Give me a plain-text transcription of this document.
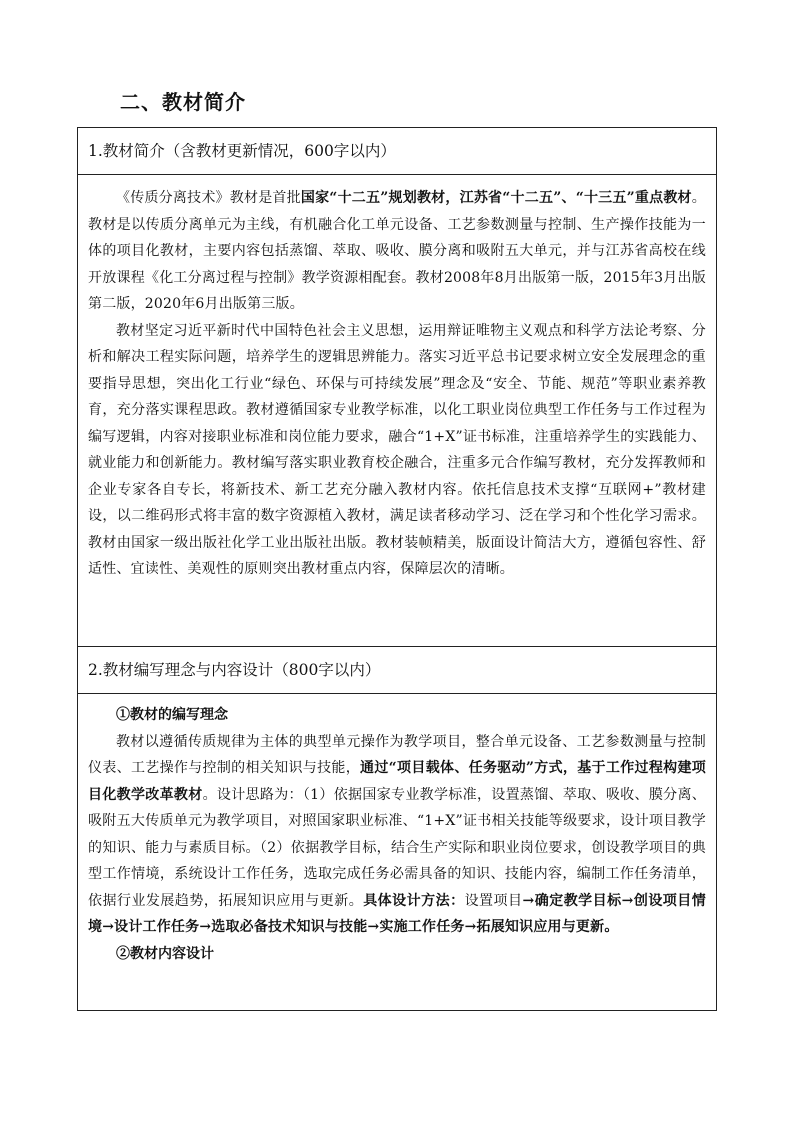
二、教材简介
1.教材简介（含教材更新情况，600字以内）

《传质分离技术》教材是首批国家“十二五”规划教材，江苏省“十二五”、“十三五”重点教材。教材是以传质分离单元为主线，有机融合化工单元设备、工艺参数测量与控制、生产操作技能为一体的项目化教材，主要内容包括蒸馏、萃取、吸收、膜分离和吸附五大单元，并与江苏省高校在线开放课程《化工分离过程与控制》教学资源相配套。教材2008年8月出版第一版，2015年3月出版第二版，2020年6月出版第三版。

教材坚定习近平新时代中国特色社会主义思想，运用辩证唯物主义观点和科学方法论考察、分析和解决工程实际问题，培养学生的逻辑思辨能力。落实习近平总书记要求树立安全发展理念的重要指导思想，突出化工行业“绿色、环保与可持续发展”理念及“安全、节能、规范”等职业素养教育，充分落实课程思政。教材遵循国家专业教学标准，以化工职业岗位典型工作任务与工作过程为编写逻辑，内容对接职业标准和岗位能力要求，融合“1+X”证书标准，注重培养学生的实践能力、就业能力和创新能力。教材编写落实职业教育校企融合，注重多元合作编写教材，充分发挥教师和企业专家各自专长，将新技术、新工艺充分融入教材内容。依托信息技术支撑“互联网+”教材建设，以二维码形式将丰富的数字资源植入教材，满足读者移动学习、泛在学习和个性化学习需求。教材由国家一级出版社化学工业出版社出版。教材装帧精美，版面设计简洁大方，遵循包容性、舒适性、宜读性、美观性的原则突出教材重点内容，保障层次的清晰。

2.教材编写理念与内容设计（800字以内）

①教材的编写理念

教材以遵循传质规律为主体的典型单元操作为教学项目，整合单元设备、工艺参数测量与控制仪表、工艺操作与控制的相关知识与技能，通过“项目载体、任务驱动”方式，基于工作过程构建项目化教学改革教材。设计思路为：（1）依据国家专业教学标准，设置蒸馏、萃取、吸收、膜分离、吸附五大传质单元为教学项目，对照国家职业标准、“1+X”证书相关技能等级要求，设计项目教学的知识、能力与素质目标。（2）依据教学目标，结合生产实际和职业岗位要求，创设教学项目的典型工作情境，系统设计工作任务，选取完成任务必需具备的知识、技能内容，编制工作任务清单，依据行业发展趋势，拓展知识应用与更新。具体设计方法：设置项目→确定教学目标→创设项目情境→设计工作任务→选取必备技术知识与技能→实施工作任务→拓展知识应用与更新。

②教材内容设计
